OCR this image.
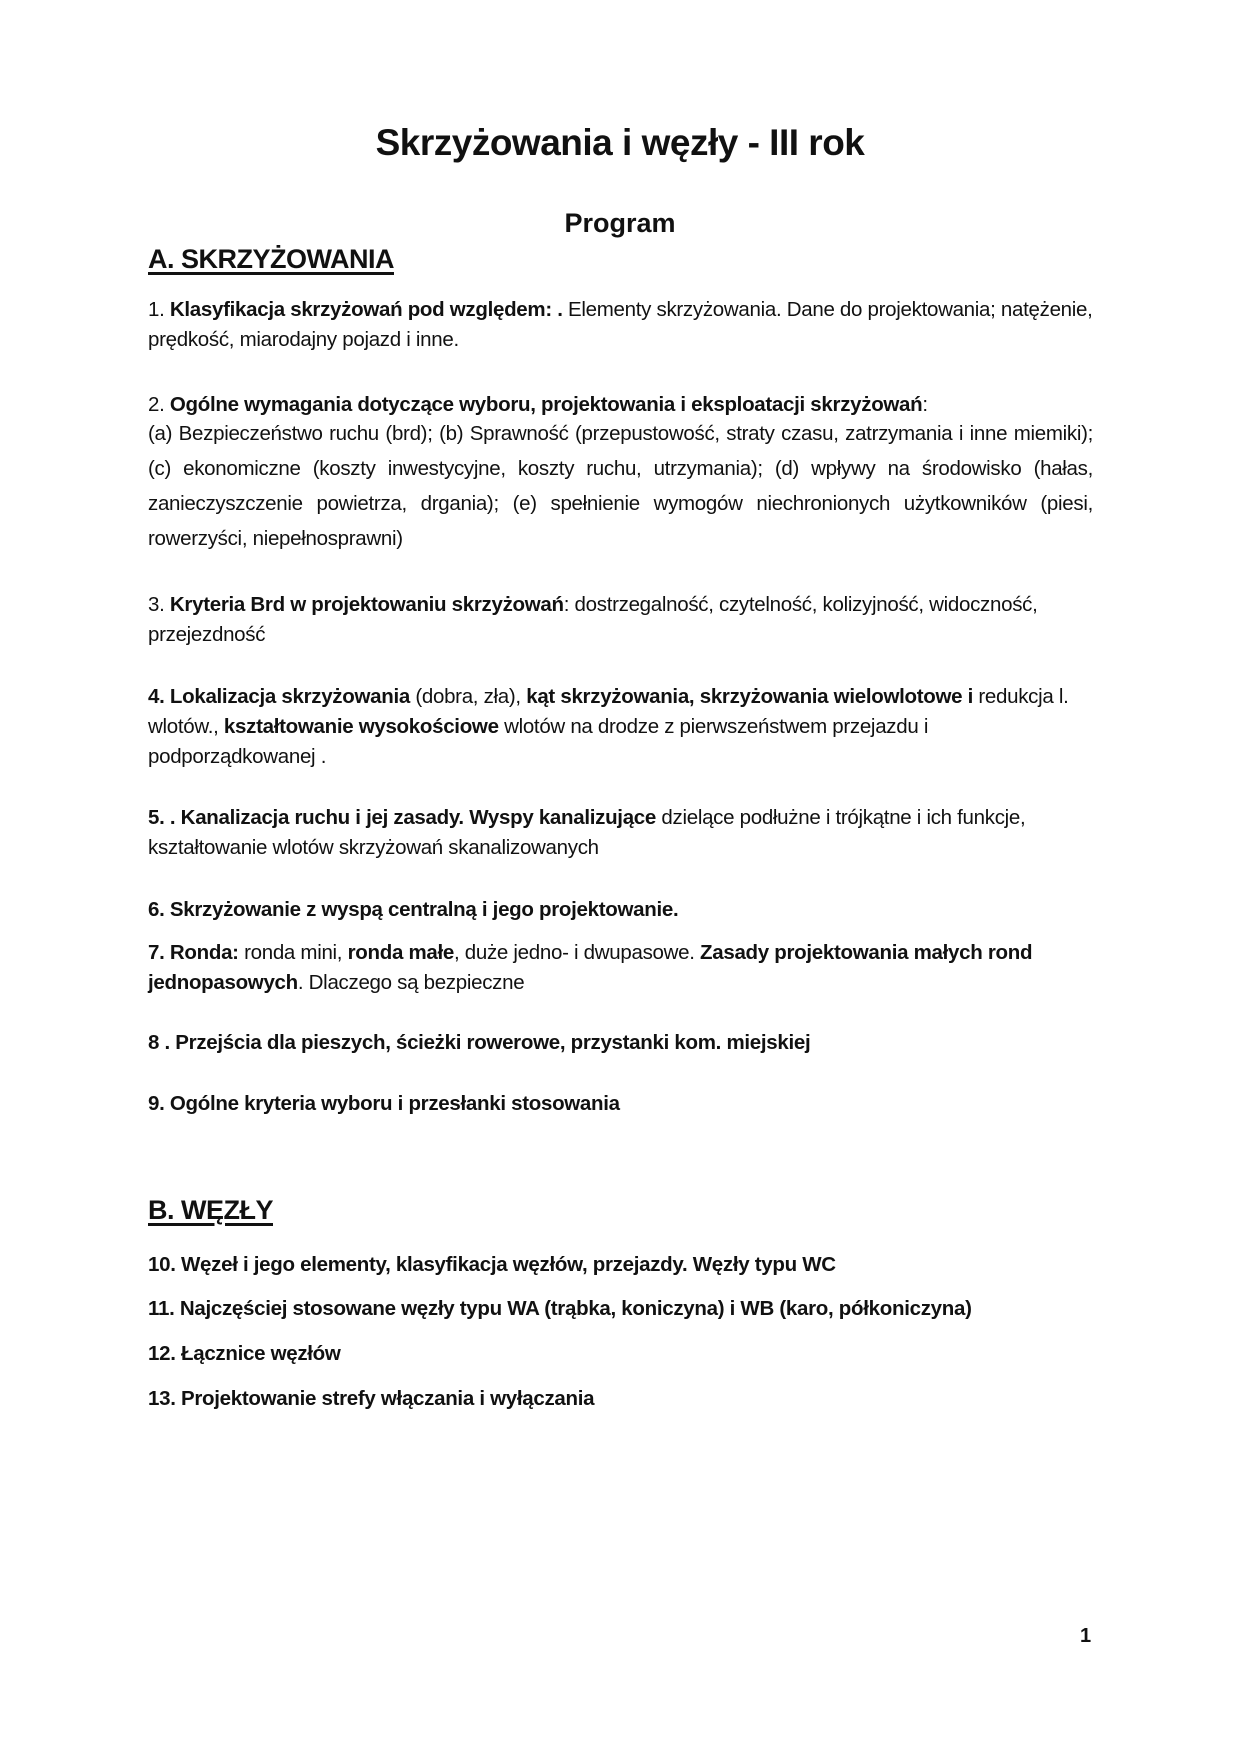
Skrzyżowania i węzły - III rok
Program
A. SKRZYŻOWANIA
1. Klasyfikacja skrzyżowań pod względem: . Elementy skrzyżowania. Dane do projektowania; natężenie, prędkość, miarodajny pojazd i inne.
2. Ogólne wymagania dotyczące wyboru, projektowania i eksploatacji skrzyżowań:
(a) Bezpieczeństwo ruchu (brd); (b) Sprawność (przepustowość, straty czasu, zatrzymania i inne miemiki); (c) ekonomiczne (koszty inwestycyjne, koszty ruchu, utrzymania); (d) wpływy na środowisko (hałas, zanieczyszczenie powietrza, drgania); (e) spełnienie wymogów niechronionych użytkowników (piesi, rowerzyści, niepełnosprawni)
3. Kryteria Brd w projektowaniu skrzyżowań: dostrzegalność, czytelność, kolizyjność, widoczność, przejezdność
4. Lokalizacja skrzyżowania (dobra, zła), kąt skrzyżowania, skrzyżowania wielowlotowe i redukcja l. wlotów., kształtowanie wysokościowe wlotów na drodze z pierwszeństwem przejazdu i podporządkowanej .
5. . Kanalizacja ruchu i jej zasady. Wyspy kanalizujące dzielące podłużne i trójkątne i ich funkcje, kształtowanie wlotów skrzyżowań skanalizowanych
6. Skrzyżowanie z wyspą centralną i jego projektowanie.
7. Ronda: ronda mini, ronda małe, duże jedno- i dwupasowe. Zasady projektowania małych rond jednopasowych. Dlaczego są bezpieczne
8 . Przejścia dla pieszych, ścieżki rowerowe, przystanki kom. miejskiej
9. Ogólne kryteria wyboru i przesłanki stosowania
B. WĘZŁY
10. Węzeł i jego elementy, klasyfikacja węzłów, przejazdy. Węzły typu WC
11. Najczęściej stosowane węzły typu WA (trąbka, koniczyna) i WB (karo, półkoniczyna)
12. Łącznice węzłów
13. Projektowanie strefy włączania i wyłączania
1
